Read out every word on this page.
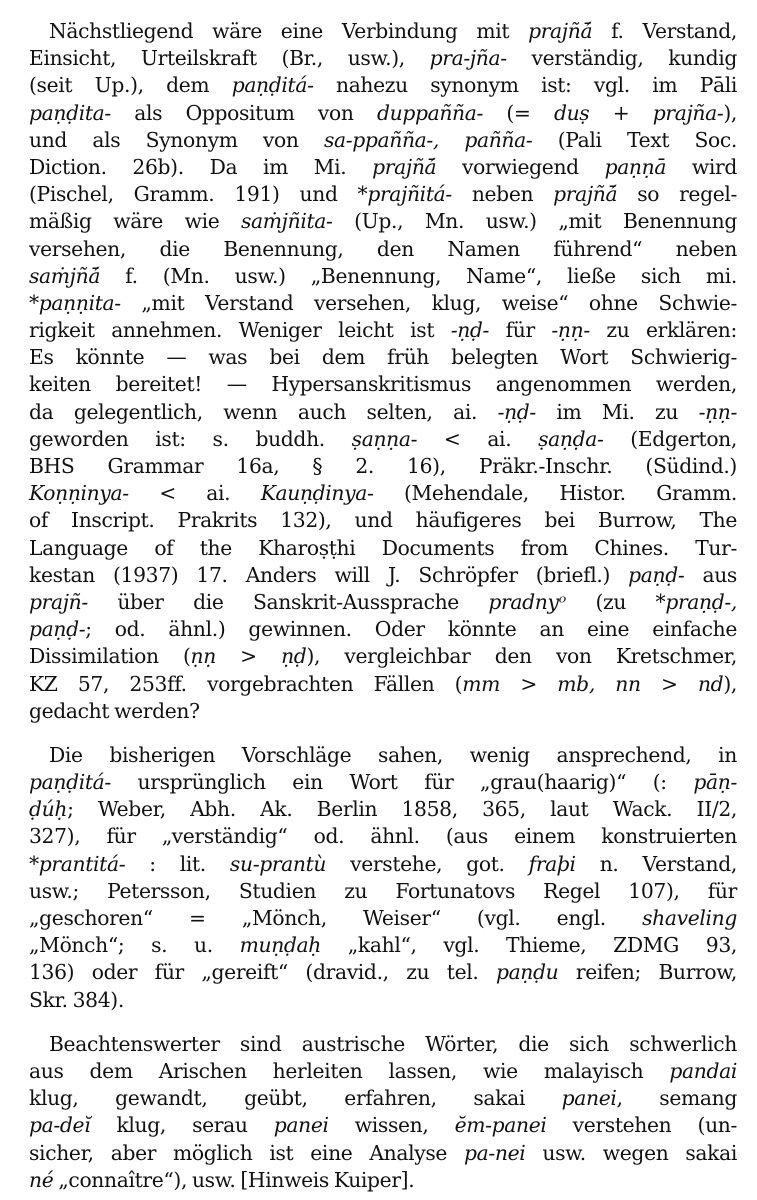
Nächstliegend wäre eine Verbindung mit prajñā́ f. Verstand,
Einsicht, Urteilskraft (Br., usw.), pra-jña- verständig, kundig
(seit Up.), dem paṇḍitá- nahezu synonym ist: vgl. im Pāli
paṇḍita- als Oppositum von duppañña- (= duṣ + prajña-),
und als Synonym von sa-ppañña-, pañña- (Pali Text Soc.
Diction. 26b). Da im Mi. prajñā́ vorwiegend paṇṇā wird
(Pischel, Gramm. 191) und *prajñitá- neben prajñā́ so regel-
mäßig wäre wie saṁjñita- (Up., Mn. usw.) „mit Benennung
versehen, die Benennung, den Namen führend“ neben
saṁjñā́ f. (Mn. usw.) „Benennung, Name“, ließe sich mi.
*paṇṇita- „mit Verstand versehen, klug, weise“ ohne Schwie-
rigkeit annehmen. Weniger leicht ist -ṇḍ- für -ṇṇ- zu erklären:
Es könnte — was bei dem früh belegten Wort Schwierig-
keiten bereitet! — Hypersanskritismus angenommen werden,
da gelegentlich, wenn auch selten, ai. -ṇḍ- im Mi. zu -ṇṇ-
geworden ist: s. buddh. ṣaṇṇa- < ai. ṣaṇḍa- (Edgerton,
BHS Grammar 16a, § 2. 16), Präkr.-Inschr. (Südind.)
Koṇṇinya- < ai. Kauṇḍinya- (Mehendale, Histor. Gramm.
of Inscript. Prakrits 132), und häufigeres bei Burrow, The
Language of the Kharoṣṭhi Documents from Chines. Tur-
kestan (1937) 17. Anders will J. Schröpfer (briefl.) paṇḍ- aus
prajñ- über die Sanskrit-Aussprache pradnyᵒ (zu *praṇḍ-,
paṇḍ-; od. ähnl.) gewinnen. Oder könnte an eine einfache
Dissimilation (ṇṇ > ṇḍ), vergleichbar den von Kretschmer,
KZ 57, 253ff. vorgebrachten Fällen (mm > mb, nn > nd),
gedacht werden?
Die bisherigen Vorschläge sahen, wenig ansprechend, in
paṇḍitá- ursprünglich ein Wort für „grau(haarig)“ (: pāṇ-
ḍúḥ; Weber, Abh. Ak. Berlin 1858, 365, laut Wack. II/2,
327), für „verständig“ od. ähnl. (aus einem konstruierten
*prantitá- : lit. su-prantù verstehe, got. fraþi n. Verstand,
usw.; Petersson, Studien zu Fortunatovs Regel 107), für
„geschoren“ = „Mönch, Weiser“ (vgl. engl. shaveling
„Mönch“; s. u. muṇḍaḥ „kahl“, vgl. Thieme, ZDMG 93,
136) oder für „gereift“ (dravid., zu tel. paṇḍu reifen; Burrow,
Skr. 384).
Beachtenswerter sind austrische Wörter, die sich schwerlich
aus dem Arischen herleiten lassen, wie malayisch pandai
klug, gewandt, geübt, erfahren, sakai panei, semang
pa-deĭ klug, serau panei wissen, ĕm-panei verstehen (un-
sicher, aber möglich ist eine Analyse pa-nei usw. wegen sakai
né „connaître“), usw. [Hinweis Kuiper].
